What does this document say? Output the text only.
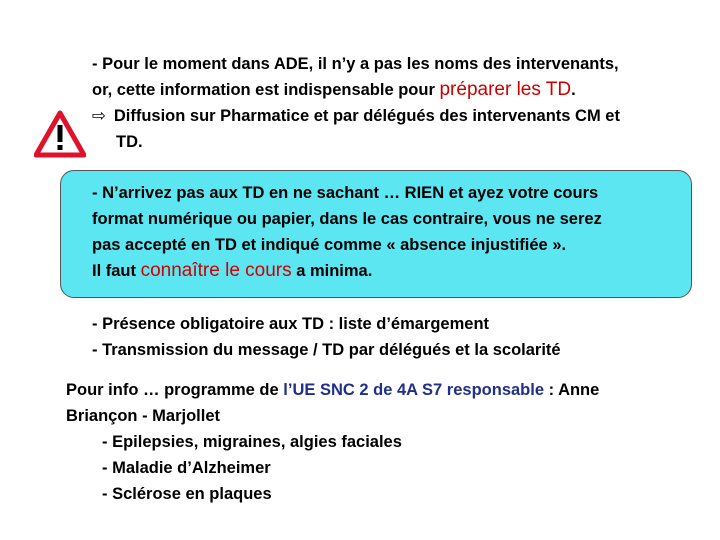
- Pour le moment dans ADE, il n’y a pas les noms des intervenants,
or, cette information est indispensable pour préparer les TD.
⇨ Diffusion sur Pharmatice et par délégués des intervenants CM et
TD.
- N’arrivez pas aux TD en ne sachant … RIEN et ayez votre cours
format numérique ou papier, dans le cas contraire, vous ne serez
pas accepté en TD et indiqué comme « absence injustifiée ».
Il faut connaître le cours a minima.
- Présence obligatoire aux TD : liste d’émargement
- Transmission du message / TD par délégués et la scolarité
Pour info … programme de l’UE SNC 2 de 4A S7 responsable : Anne
Briançon - Marjollet
- Epilepsies, migraines, algies faciales
- Maladie d’Alzheimer
- Sclérose en plaques
